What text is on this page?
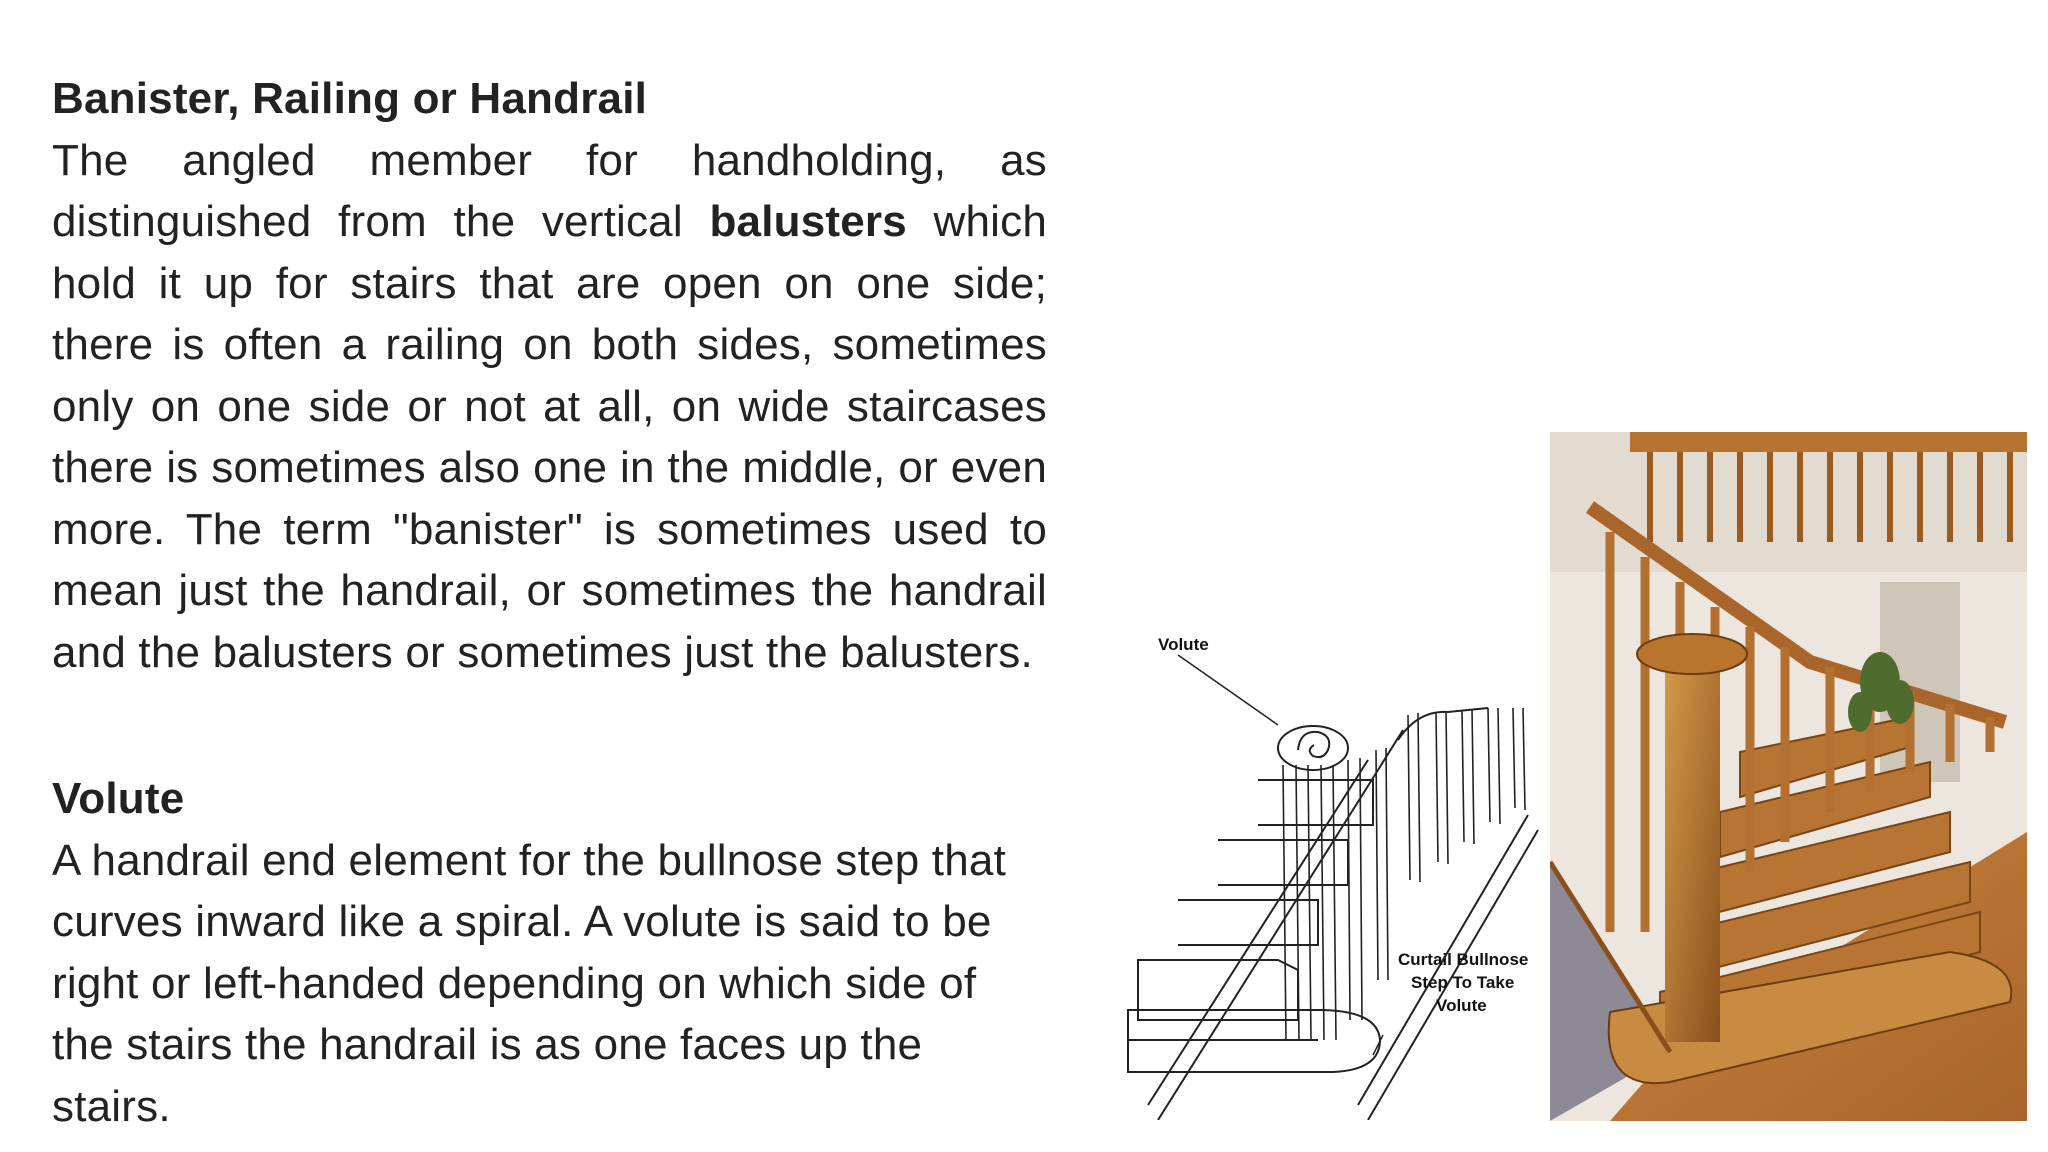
Banister, Railing or Handrail

The angled member for handholding, as distinguished from the vertical balusters which hold it up for stairs that are open on one side; there is often a railing on both sides, sometimes only on one side or not at all, on wide staircases there is sometimes also one in the middle, or even more. The term "banister" is sometimes used to mean just the handrail, or sometimes the handrail and the balusters or sometimes just the balusters.

Volute

A handrail end element for the bullnose step that curves inward like a spiral. A volute is said to be right or left-handed depending on which side of the stairs the handrail is as one faces up the stairs.

Volute
Curtail Bullnose
Step To Take
Volute
